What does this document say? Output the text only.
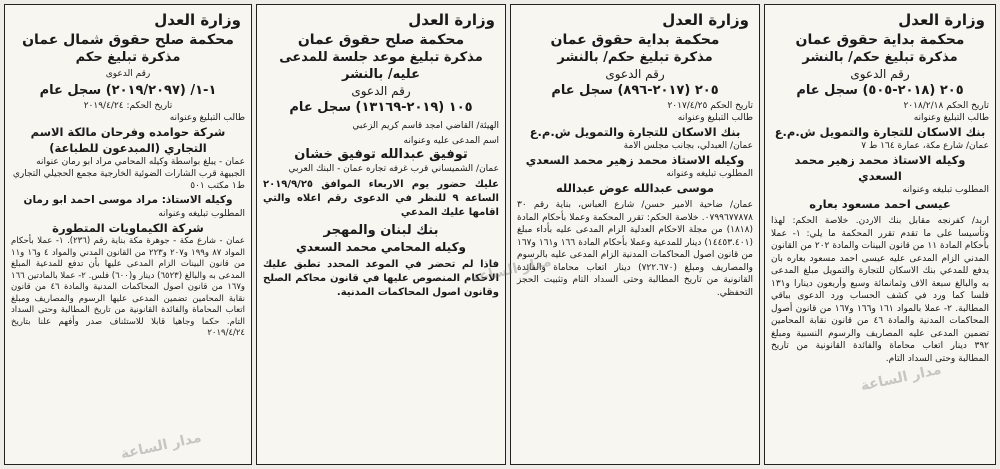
وزارة العدل
محكمة بداية حقوق عمان
مذكرة تبليغ حكم/ بالنشر
رقم الدعوى
٢٠٥ (٢٠١٨-٥٠٥) سجل عام
تاريخ الحكم ٢٠١٨/٢/١٨
طالب التبليغ وعنوانه
بنك الاسكان للتجارة والتمويل ش.م.ع
عمان/ شارع مكة، عمارة ١٦٤ ط ٧
وكيله الاستاذ محمد زهير محمد السعدي
المطلوب تبليغه وعنوانه
عيسى احمد مسعود بعاره
اربد/ كفرنجه مقابل بنك الاردن. خلاصة الحكم: لهذا وتأسيسا على ما تقدم تقرر المحكمة ما يلي: ١- عملا بأحكام المادة ١١ من قانون البينات والمادة ٢٠٢ من القانون المدني الزام المدعى عليه عيسى احمد مسعود بعاره بان يدفع للمدعي بنك الاسكان للتجارة والتمويل مبلغ المدعى به والبالغ سبعة الاف وثمانمائة وسبع وأربعون دينارا و١٣١ فلسا كما ورد في كشف الحساب ورد الدعوى بباقي المطالبة. ٢- عملا بالمواد ١٦١ و١٦٦ و١٦٧ من قانون أصول المحاكمات المدنية والمادة ٤٦ من قانون نقابة المحامين تضمين المدعى عليه المصاريف والرسوم النسبية ومبلغ ٣٩٢ دينار اتعاب محاماة والفائدة القانونية من تاريخ المطالبة وحتى السداد التام.
وزارة العدل
محكمة بداية حقوق عمان
مذكرة تبليغ حكم/ بالنشر
رقم الدعوى
٢٠٥ (٢٠١٧-٨٩٦) سجل عام
تاريخ الحكم ٢٠١٧/٤/٢٥
طالب التبليغ وعنوانه
بنك الاسكان للتجارة والتمويل ش.م.ع
عمان/ العبدلي، بجانب مجلس الامة
وكيله الاستاذ محمد زهير محمد السعدي
المطلوب تبليغه وعنوانه
موسى عبدالله عوض عبدالله
عمان/ ضاحية الامير حسن/ شارع العباس، بناية رقم ٣٠ ٠٧٩٩٦٧٧٨٧٨. خلاصة الحكم: تقرر المحكمة وعملا بأحكام المادة (١٨١٨) من مجلة الاحكام العدلية الزام المدعى عليه بأداء مبلغ (١٤٤٥٣.٤٠١) دينار للمدعية وعملا بأحكام المادة ١٦٦ و١٦١ و١٦٧ من قانون اصول المحاكمات المدنية الزام المدعى عليه بالرسوم والمصاريف ومبلغ (٧٢٢.٦٧٠) دينار اتعاب محاماة والفائدة القانونية من تاريخ المطالبة وحتى السداد التام وتثبيت الحجز التحفظي.
وزارة العدل
محكمة صلح حقوق عمان
مذكرة تبليغ موعد جلسة للمدعى عليه/ بالنشر
رقم الدعوى
١٠٥ (٢٠١٩-١٣١٦٩) سجل عام
الهيئة/ القاضي امجد قاسم كريم الزعبي
اسم المدعى عليه وعنوانه
توفيق عبدالله توفيق خشان
عمان/ الشميساني قرب غرفه تجاره عمان - البنك العربي
عليك حضور يوم الاربعاء الموافق ٢٠١٩/٩/٢٥ الساعة ٩ للنظر في الدعوى رقم اعلاه والتي اقامها عليك المدعي
بنك لبنان والمهجر
وكيله المحامي محمد السعدي
فاذا لم تحضر في الموعد المحدد تطبق عليك الاحكام المنصوص عليها في قانون محاكم الصلح وقانون اصول المحاكمات المدنية.
وزارة العدل
محكمة صلح حقوق شمال عمان
مذكرة تبليغ حكم
رقم الدعوى
١-١/ (٢٠١٩/٢٠٩٧) سجل عام
تاريخ الحكم: ٢٠١٩/٤/٢٤
طالب التبليغ وعنوانه
شركة حوامده وفرحان مالكة الاسم التجاري (المبدعون للطباعة)
عمان - يبلغ بواسطة وكيله المحامي مراد ابو رمان عنوانه الجبيهة قرب الشارات الضوئية الخارجية مجمع الحجيلي التجاري ط١ مكتب ٥٠١
وكيله الاستاذ: مراد موسى احمد ابو رمان
المطلوب تبليغه وعنوانه
شركة الكيماويات المتطورة
عمان - شارع مكة - جوهرة مكة بناية رقم (٢٣٦). ١- عملا بأحكام المواد ٨٧ و١٩٩ و٢٠٧ و٢٢٣ من القانون المدني والمواد ٤ و١٦ و١١ من قانون البينات الزام المدعى عليها بأن تدفع للمدعية المبلغ المدعى به والبالغ (٦٥٢٣) دينار و(٦٠٠) فلس. ٢- عملا بالمادتين ١٦٦ و١٦٧ من قانون اصول المحاكمات المدنية والمادة ٤٦ من قانون نقابة المحامين تضمين المدعى عليها الرسوم والمصاريف ومبلغ اتعاب المحاماة والفائدة القانونية من تاريخ المطالبة وحتى السداد التام. حكما وجاهيا قابلا للاستئناف صدر وأفهم علنا بتاريخ ٢٠١٩/٤/٢٤
مدار الساعة
مدار الساعة
مدار الساعة
